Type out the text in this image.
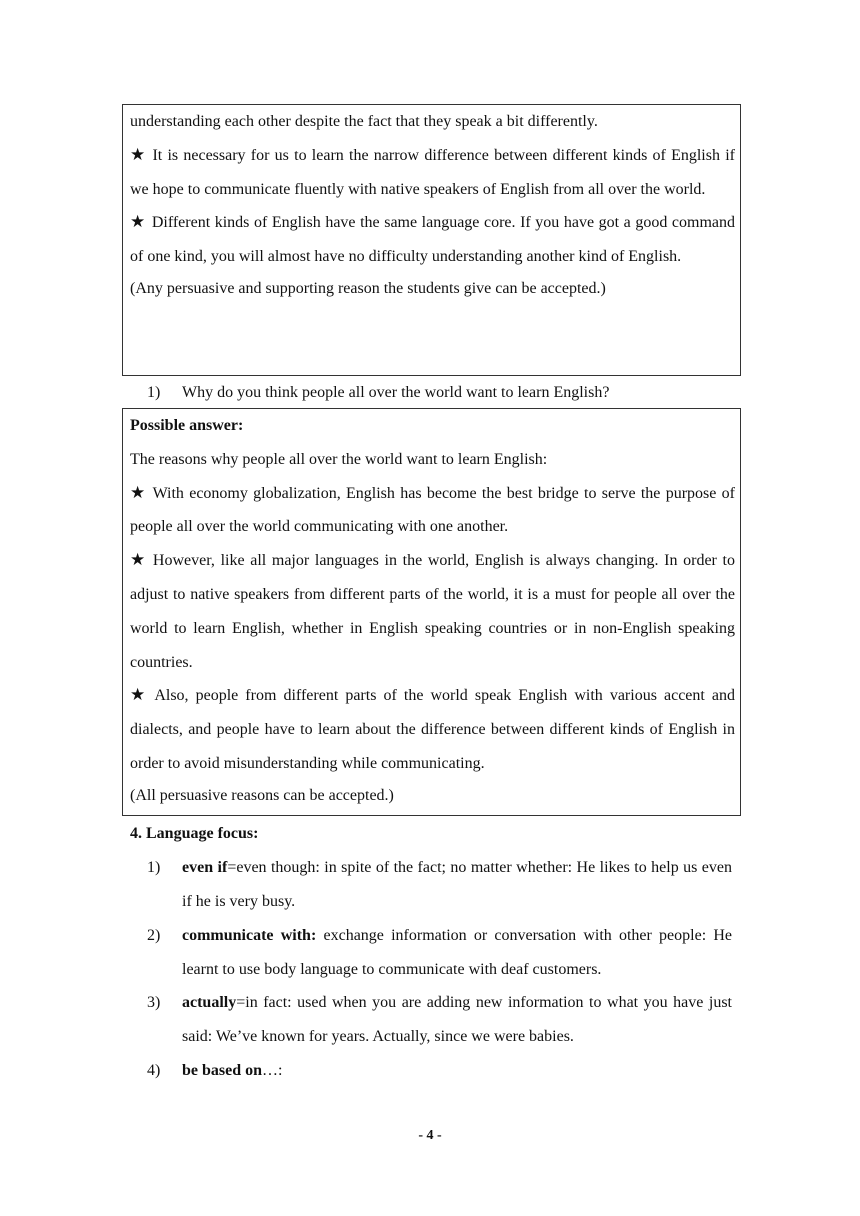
understanding each other despite the fact that they speak a bit differently.

★ It is necessary for us to learn the narrow difference between different kinds of English if we hope to communicate fluently with native speakers of English from all over the world.

★ Different kinds of English have the same language core. If you have got a good command of one kind, you will almost have no difficulty understanding another kind of English.

(Any persuasive and supporting reason the students give can be accepted.)

1) Why do you think people all over the world want to learn English?

Possible answer:

The reasons why people all over the world want to learn English:

★ With economy globalization, English has become the best bridge to serve the purpose of people all over the world communicating with one another.

★ However, like all major languages in the world, English is always changing. In order to adjust to native speakers from different parts of the world, it is a must for people all over the world to learn English, whether in English speaking countries or in non-English speaking countries.

★ Also, people from different parts of the world speak English with various accent and dialects, and people have to learn about the difference between different kinds of English in order to avoid misunderstanding while communicating.

(All persuasive reasons can be accepted.)

4. Language focus:
1)	even if=even though: in spite of the fact; no matter whether: He likes to help us even if he is very busy.

2)	communicate with: exchange information or conversation with other people: He learnt to use body language to communicate with deaf customers.

3)	actually=in fact: used when you are adding new information to what you have just said: We’ve known for years. Actually, since we were babies.

4)	be based on…:

- 4 -
